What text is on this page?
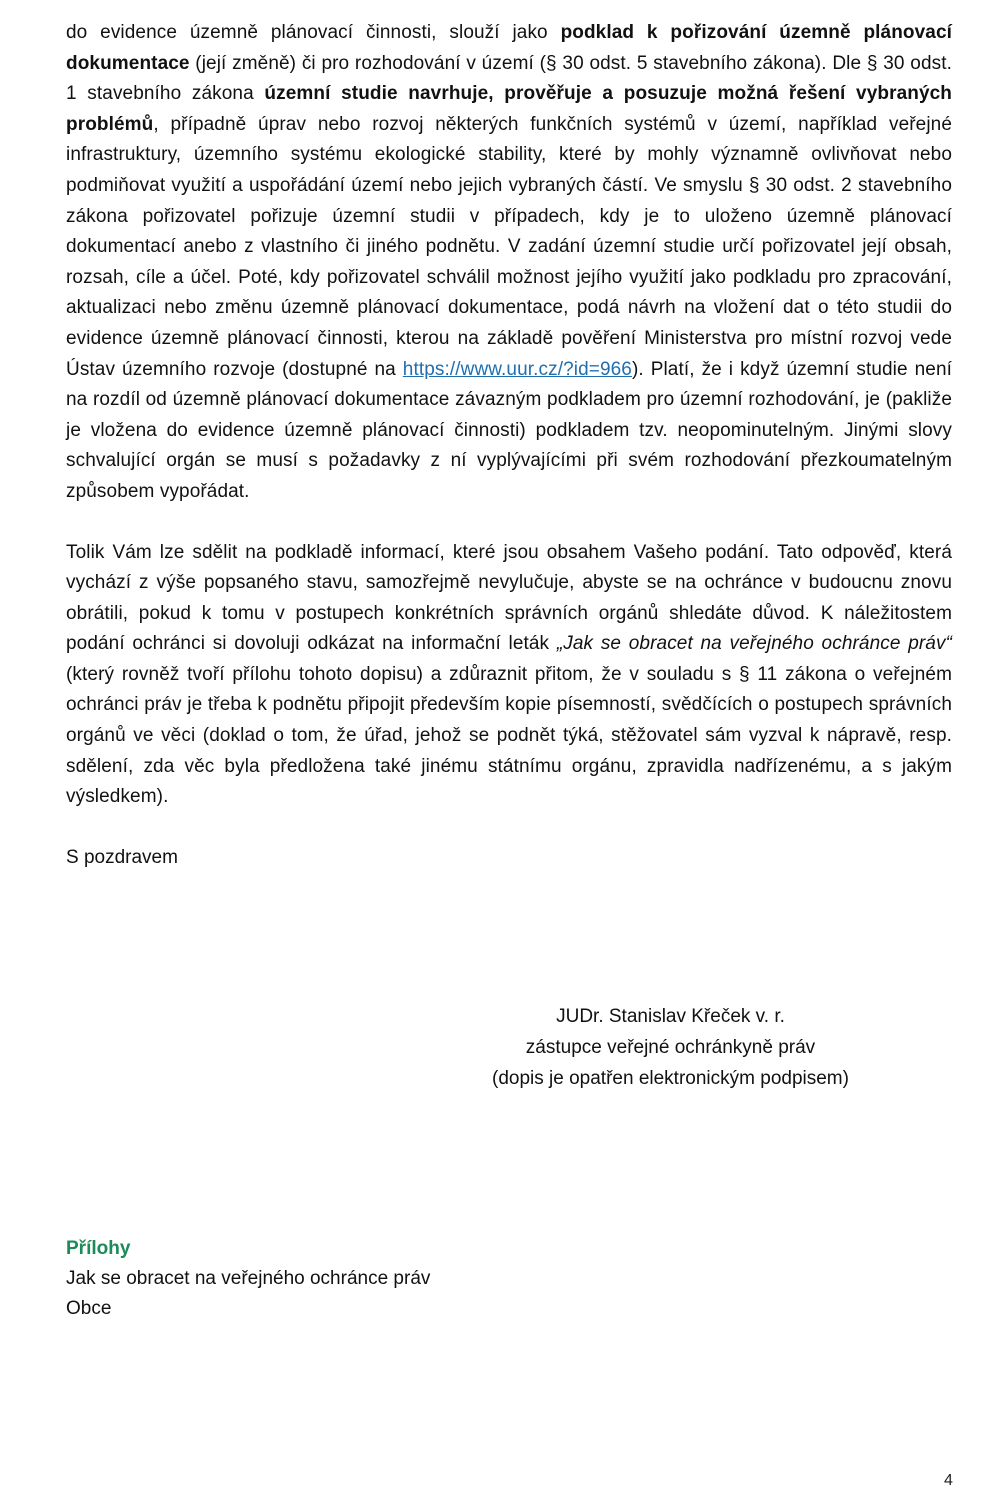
do evidence územně plánovací činnosti, slouží jako podklad k pořizování územně plánovací dokumentace (její změně) či pro rozhodování v území (§ 30 odst. 5 stavebního zákona). Dle § 30 odst. 1 stavebního zákona územní studie navrhuje, prověřuje a posuzuje možná řešení vybraných problémů, případně úprav nebo rozvoj některých funkčních systémů v území, například veřejné infrastruktury, územního systému ekologické stability, které by mohly významně ovlivňovat nebo podmiňovat využití a uspořádání území nebo jejich vybraných částí. Ve smyslu § 30 odst. 2 stavebního zákona pořizovatel pořizuje územní studii v případech, kdy je to uloženo územně plánovací dokumentací anebo z vlastního či jiného podnětu. V zadání územní studie určí pořizovatel její obsah, rozsah, cíle a účel. Poté, kdy pořizovatel schválil možnost jejího využití jako podkladu pro zpracování, aktualizaci nebo změnu územně plánovací dokumentace, podá návrh na vložení dat o této studii do evidence územně plánovací činnosti, kterou na základě pověření Ministerstva pro místní rozvoj vede Ústav územního rozvoje (dostupné na https://www.uur.cz/?id=966). Platí, že i když územní studie není na rozdíl od územně plánovací dokumentace závazným podkladem pro územní rozhodování, je (pakliže je vložena do evidence územně plánovací činnosti) podkladem tzv. neopominutelným. Jinými slovy schvalující orgán se musí s požadavky z ní vyplývajícími při svém rozhodování přezkoumatelným způsobem vypořádat.

Tolik Vám lze sdělit na podkladě informací, které jsou obsahem Vašeho podání. Tato odpověď, která vychází z výše popsaného stavu, samozřejmě nevylučuje, abyste se na ochránce v budoucnu znovu obrátili, pokud k tomu v postupech konkrétních správních orgánů shledáte důvod. K náležitostem podání ochránci si dovoluji odkázat na informační leták „Jak se obracet na veřejného ochránce práv“ (který rovněž tvoří přílohu tohoto dopisu) a zdůraznit přitom, že v souladu s § 11 zákona o veřejném ochránci práv je třeba k podnětu připojit především kopie písemností, svědčících o postupech správních orgánů ve věci (doklad o tom, že úřad, jehož se podnět týká, stěžovatel sám vyzval k nápravě, resp. sdělení, zda věc byla předložena také jinému státnímu orgánu, zpravidla nadřízenému, a s jakým výsledkem).

S pozdravem

JUDr. Stanislav Křeček v. r.
zástupce veřejné ochránkyně práv
(dopis je opatřen elektronickým podpisem)
Přílohy
Jak se obracet na veřejného ochránce práv
Obce
4
